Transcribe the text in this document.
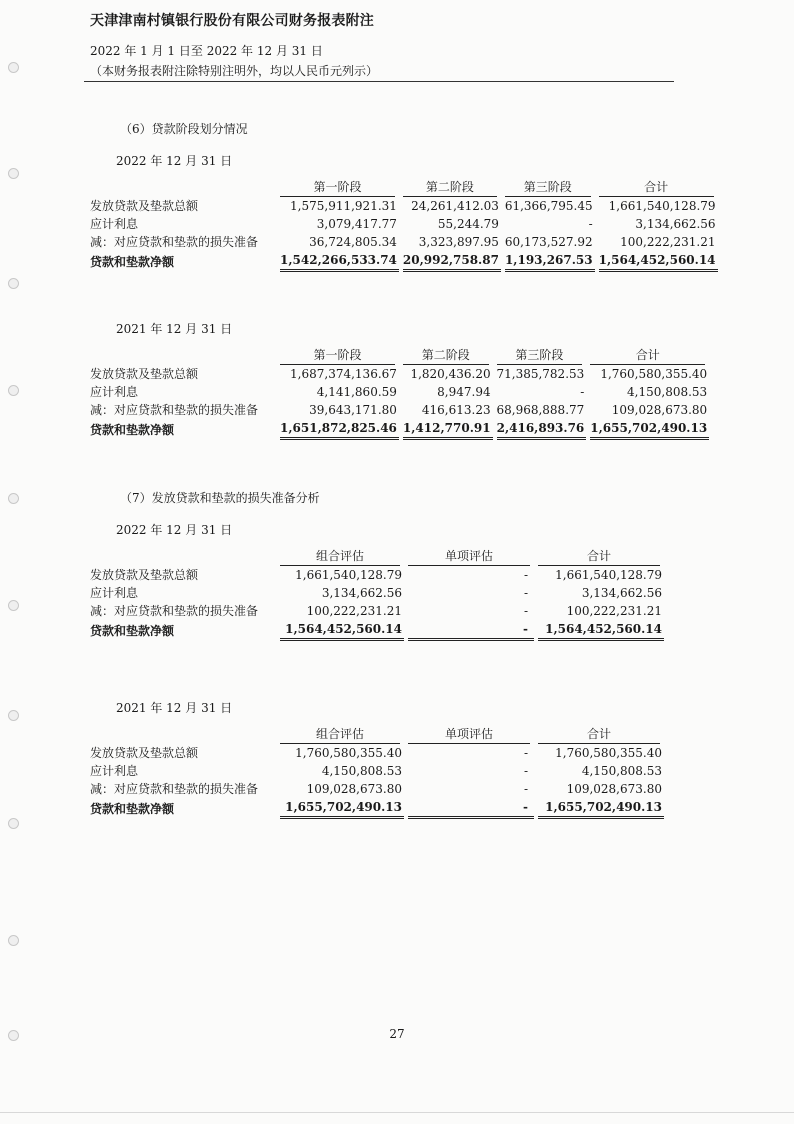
天津津南村镇银行股份有限公司财务报表附注
2022 年 1 月 1 日至 2022 年 12 月 31 日
（本财务报表附注除特别注明外，均以人民币元列示）
（6）贷款阶段划分情况
2022 年 12 月 31 日

	第一阶段	第二阶段	第三阶段	合计

发放贷款及垫款总额	1,575,911,921.31	24,261,412.03	61,366,795.45	1,661,540,128.79

应计利息	3,079,417.77	55,244.79	-	3,134,662.56

减：对应贷款和垫款的损失准备	36,724,805.34	3,323,897.95	60,173,527.92	100,222,231.21

贷款和垫款净额	1,542,266,533.74	20,992,758.87	1,193,267.53	1,564,452,560.14
2021 年 12 月 31 日

	第一阶段	第二阶段	第三阶段	合计

发放贷款及垫款总额	1,687,374,136.67	1,820,436.20	71,385,782.53	1,760,580,355.40

应计利息	4,141,860.59	8,947.94	-	4,150,808.53

减：对应贷款和垫款的损失准备	39,643,171.80	416,613.23	68,968,888.77	109,028,673.80

贷款和垫款净额	1,651,872,825.46	1,412,770.91	2,416,893.76	1,655,702,490.13
（7）发放贷款和垫款的损失准备分析
2022 年 12 月 31 日

	组合评估	单项评估	合计

发放贷款及垫款总额	1,661,540,128.79	-	1,661,540,128.79

应计利息	3,134,662.56	-	3,134,662.56

减：对应贷款和垫款的损失准备	100,222,231.21	-	100,222,231.21

贷款和垫款净额	1,564,452,560.14	-	1,564,452,560.14
2021 年 12 月 31 日

	组合评估	单项评估	合计

发放贷款及垫款总额	1,760,580,355.40	-	1,760,580,355.40

应计利息	4,150,808.53	-	4,150,808.53

减：对应贷款和垫款的损失准备	109,028,673.80	-	109,028,673.80

贷款和垫款净额	1,655,702,490.13	-	1,655,702,490.13
27
